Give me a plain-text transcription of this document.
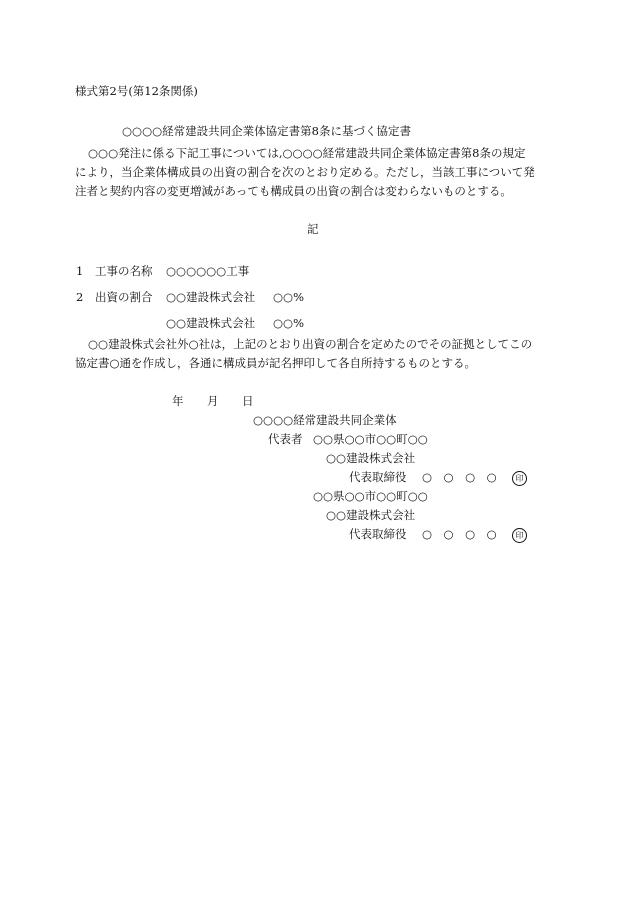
様式第2号(第12条関係)
○○○○経常建設共同企業体協定書第8条に基づく協定書
○○○発注に係る下記工事については,○○○○経常建設共同企業体協定書第8条の規定
により，当企業体構成員の出資の割合を次のとおり定める。ただし，当該工事について発
注者と契約内容の変更増減があっても構成員の出資の割合は変わらないものとする。
記
1 工事の名称 ○○○○○○工事
2 出資の割合 ○○建設株式会社 ○○%
○○建設株式会社 ○○%
○○建設株式会社外○社は，上記のとおり出資の割合を定めたのでその証拠としてこの
協定書○通を作成し，各通に構成員が記名押印して各自所持するものとする。
年 月 日
○○○○経常建設共同企業体
代表者 ○○県○○市○○町○○
○○建設株式会社
代表取締役 ○　○　○　○	印
○○県○○市○○町○○
○○建設株式会社
代表取締役 ○　○　○　○	印
